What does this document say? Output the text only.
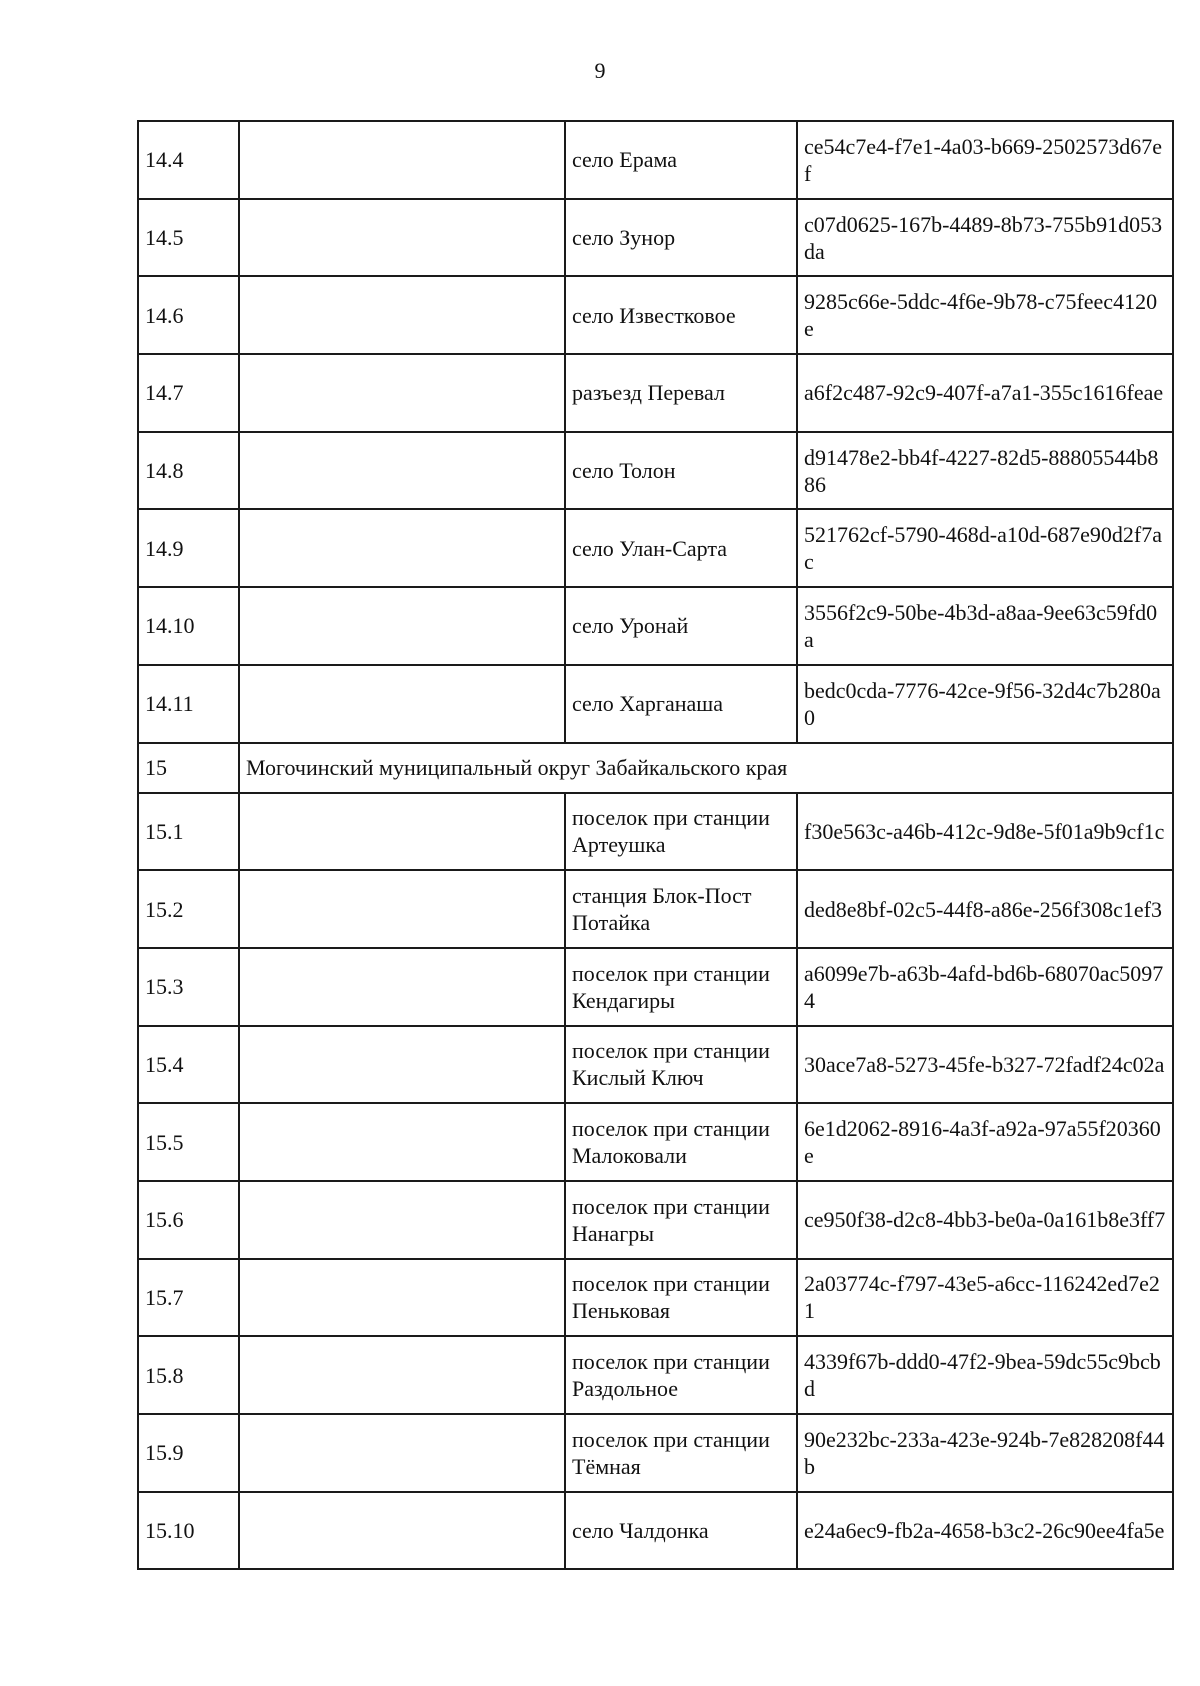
9
14.4		село Ерама	ce54c7e4-f7e1-4a03-b669-2502573d67ef
14.5		село Зунор	c07d0625-167b-4489-8b73-755b91d053da
14.6		село Известковое	9285c66e-5ddc-4f6e-9b78-c75feec4120e
14.7		разъезд Перевал	a6f2c487-92c9-407f-a7a1-355c1616feae
14.8		село Толон	d91478e2-bb4f-4227-82d5-88805544b886
14.9		село Улан-Сарта	521762cf-5790-468d-a10d-687e90d2f7ac
14.10		село Уронай	3556f2c9-50be-4b3d-a8aa-9ee63c59fd0a
14.11		село Харганаша	bedc0cda-7776-42ce-9f56-32d4c7b280a0
15	Могочинский муниципальный округ Забайкальского края		
15.1		поселок при станции Артеушка	f30e563c-a46b-412c-9d8e-5f01a9b9cf1c
15.2		станция Блок-Пост Потайка	ded8e8bf-02c5-44f8-a86e-256f308c1ef3
15.3		поселок при станции Кендагиры	a6099e7b-a63b-4afd-bd6b-68070ac50974
15.4		поселок при станции Кислый Ключ	30ace7a8-5273-45fe-b327-72fadf24c02a
15.5		поселок при станции Малоковали	6e1d2062-8916-4a3f-a92a-97a55f20360e
15.6		поселок при станции Нанагры	ce950f38-d2c8-4bb3-be0a-0a161b8e3ff7
15.7		поселок при станции Пеньковая	2a03774c-f797-43e5-a6cc-116242ed7e21
15.8		поселок при станции Раздольное	4339f67b-ddd0-47f2-9bea-59dc55c9bcbd
15.9		поселок при станции Тёмная	90e232bc-233a-423e-924b-7e828208f44b
15.10		село Чалдонка	e24a6ec9-fb2a-4658-b3c2-26c90ee4fa5e
